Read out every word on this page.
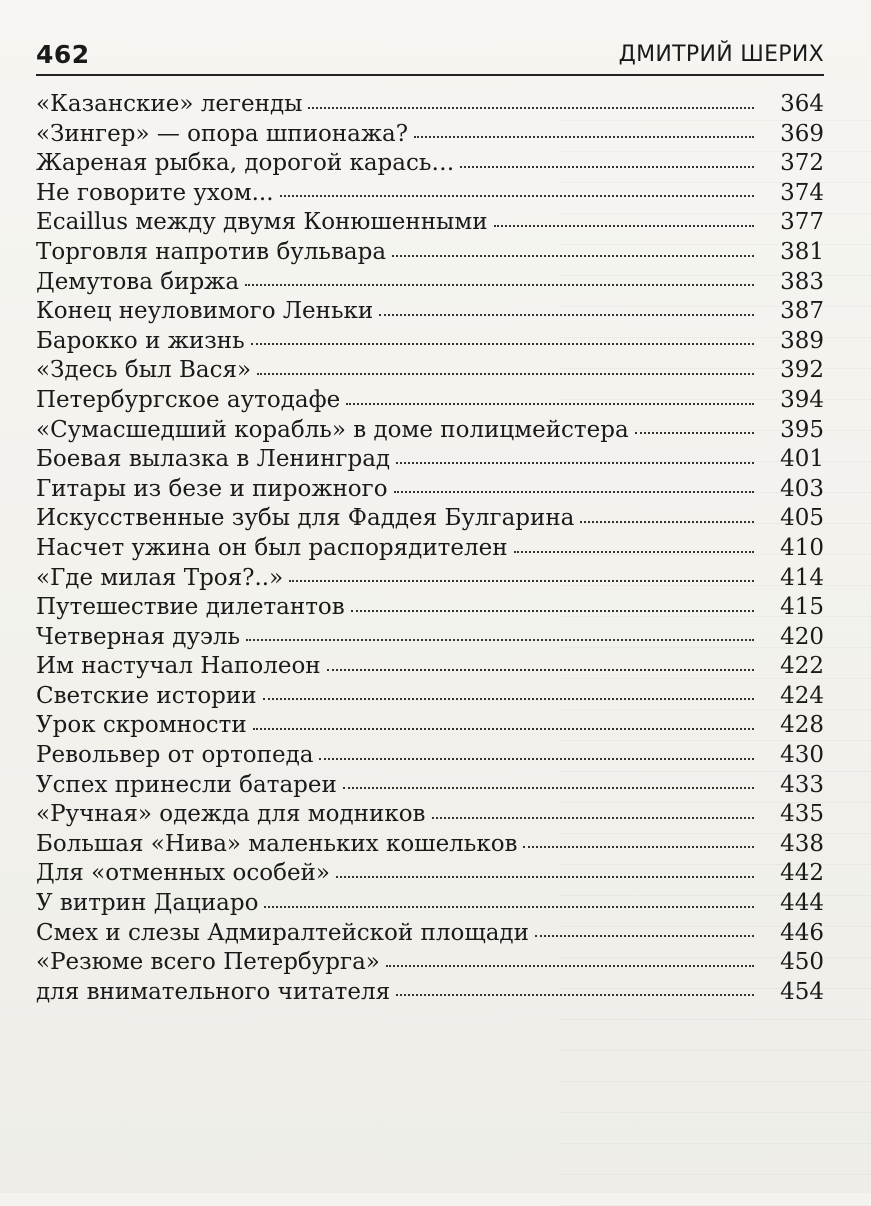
462	ДМИТРИЙ ШЕРИХ
«Казанские» легенды	364
«Зингер» — опора шпионажа?	369
Жареная рыбка, дорогой карась…	372
Не говорите ухом...	374
Ecaillus между двумя Конюшенными	377
Торговля напротив бульвара	381
Демутова биржа	383
Конец неуловимого Леньки	387
Барокко и жизнь	389
«Здесь был Вася»	392
Петербургское аутодафе	394
«Сумасшедший корабль» в доме полицмейстера	395
Боевая вылазка в Ленинград	401
Гитары из безе и пирожного	403
Искусственные зубы для Фаддея Булгарина	405
Насчет ужина он был распорядителен	410
«Где милая Троя?..»	414
Путешествие дилетантов	415
Четверная дуэль	420
Им настучал Наполеон	422
Светские истории	424
Урок скромности	428
Револьвер от ортопеда	430
Успех принесли батареи	433
«Ручная» одежда для модников	435
Большая «Нива» маленьких кошельков	438
Для «отменных особей»	442
У витрин Дациаро	444
Смех и слезы Адмиралтейской площади	446
«Резюме всего Петербурга»	450
для внимательного читателя	454
